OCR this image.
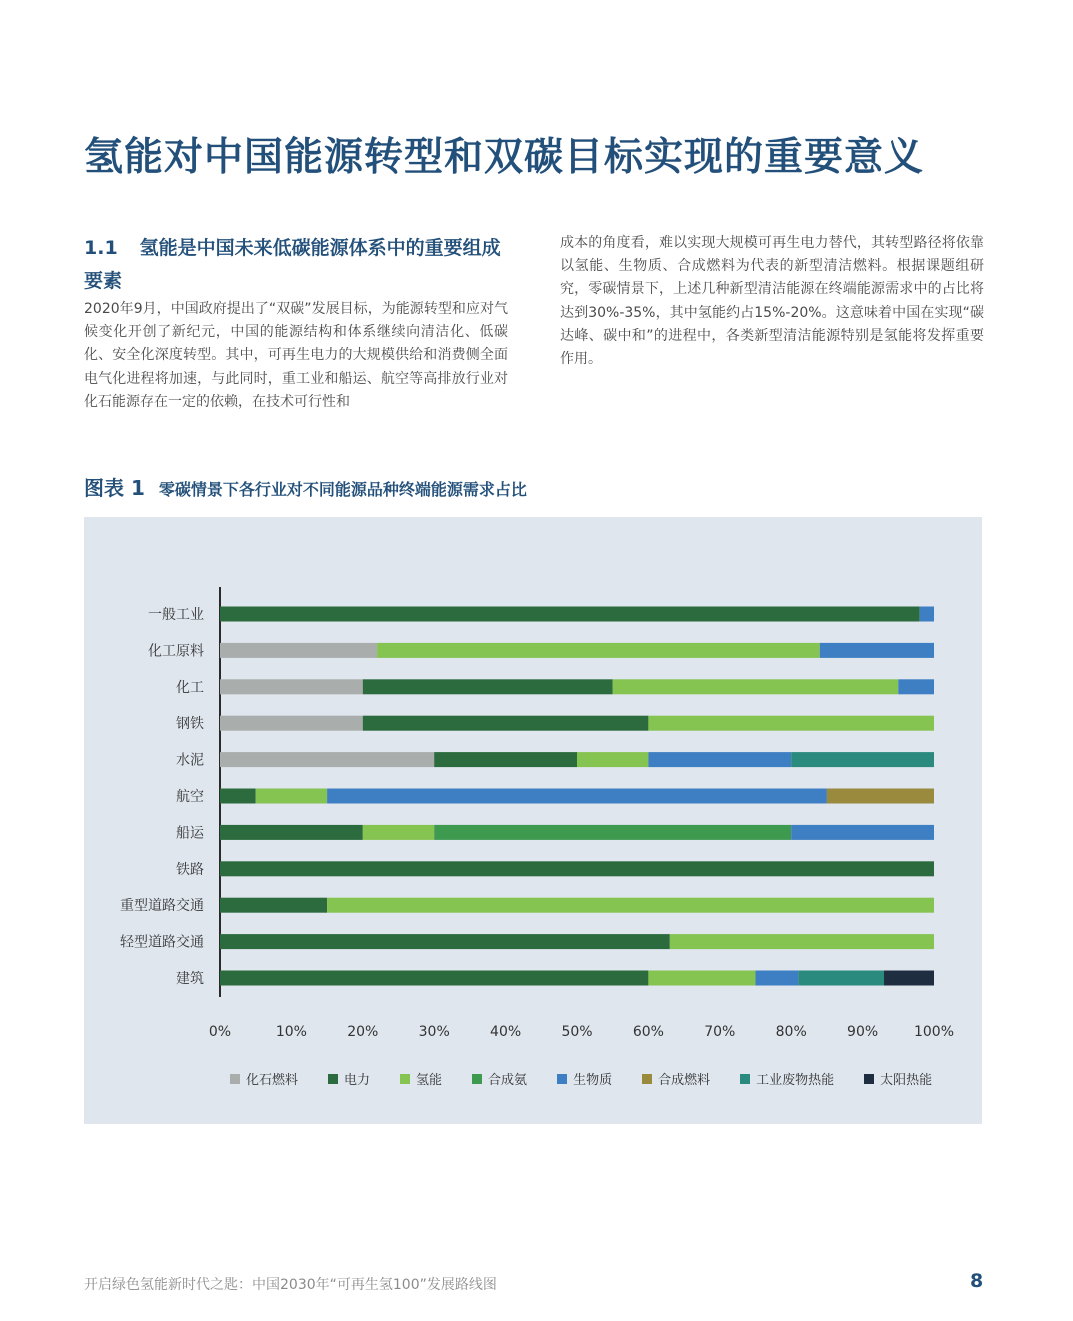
氢能对中国能源转型和双碳目标实现的重要意义
1.1 氢能是中国未来低碳能源体系中的重要组成要素
2020年9月，中国政府提出了“双碳”发展目标，为能源转型和应对气候变化开创了新纪元，中国的能源结构和体系继续向清洁化、低碳化、安全化深度转型。其中，可再生电力的大规模供给和消费侧全面电气化进程将加速，与此同时，重工业和船运、航空等高排放行业对化石能源存在一定的依赖，在技术可行性和
成本的角度看，难以实现大规模可再生电力替代，其转型路径将依靠以氢能、生物质、合成燃料为代表的新型清洁燃料。根据课题组研究，零碳情景下，上述几种新型清洁能源在终端能源需求中的占比将达到30%-35%，其中氢能约占15%-20%。这意味着中国在实现“碳达峰、碳中和”的进程中，各类新型清洁能源特别是氢能将发挥重要作用。
图表 1 零碳情景下各行业对不同能源品种终端能源需求占比
一般工业
化工原料
化工
钢铁
水泥
航空
船运
铁路
重型道路交通
轻型道路交通
建筑
0%	10%	20%	30%	40%	50%	60%	70%	80%	90%	100%
化石燃料	电力	氢能	合成氨	生物质	合成燃料	工业废物热能	太阳热能
开启绿色氢能新时代之匙：中国2030年“可再生氢100”发展路线图	8
